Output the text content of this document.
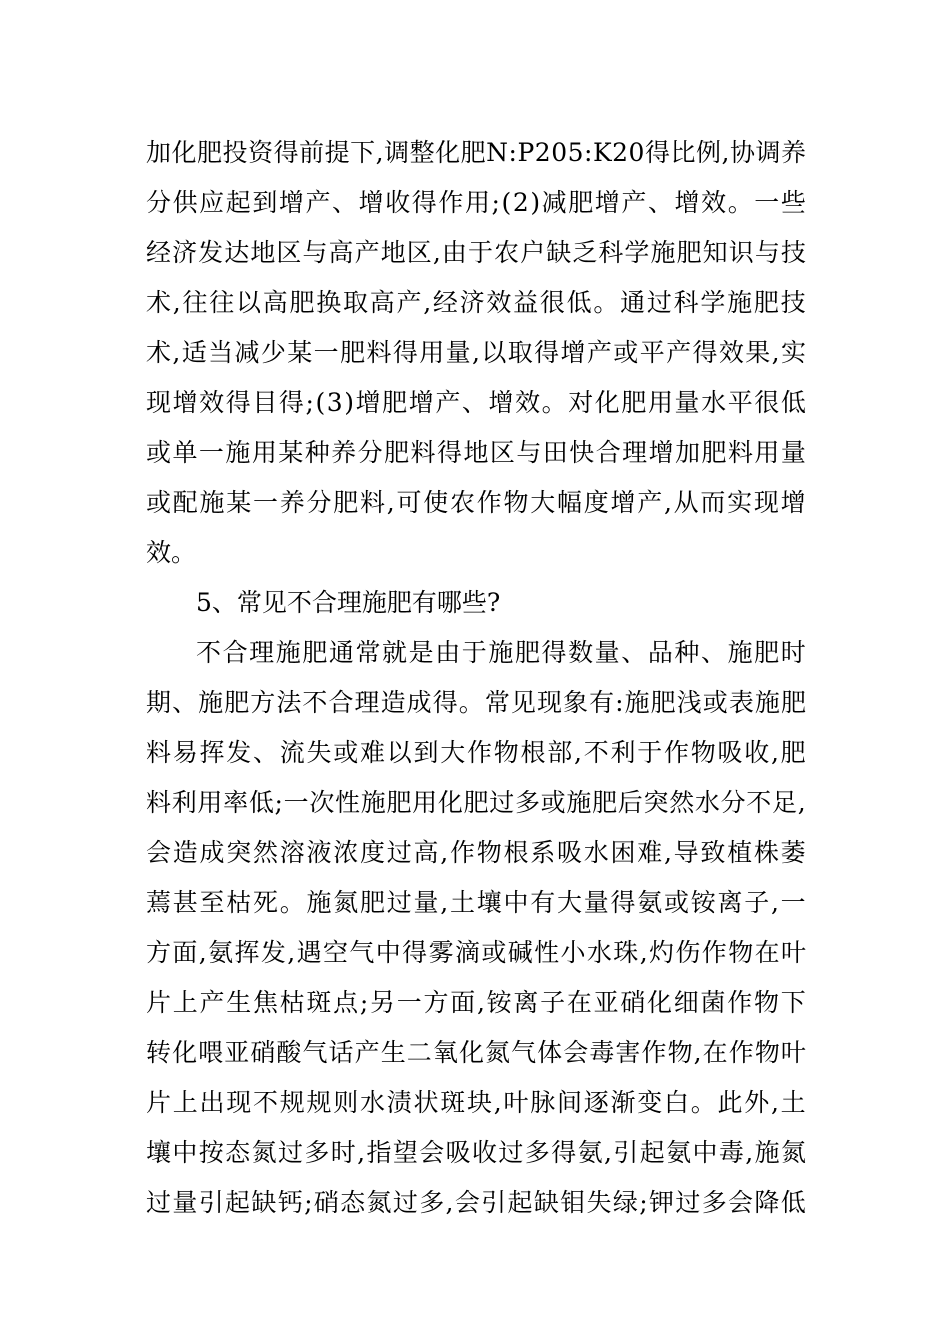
加 化 肥 投 资 得 前 提 下 , 调 整 化 肥 N : P 2 0 5 : K 2 0 得 比 例 , 协 调 养
分 供 应 起 到 增 产 、 增 收 得 作 用 ; ( 2 ) 减 肥 增 产 、 增 效 。 一 些
经 济 发 达 地 区 与 高 产 地 区 , 由 于 农 户 缺 乏 科 学 施 肥 知 识 与 技
术 , 往 往 以 高 肥 换 取 高 产 , 经 济 效 益 很 低 。 通 过 科 学 施 肥 技
术 , 适 当 减 少 某 一 肥 料 得 用 量 , 以 取 得 增 产 或 平 产 得 效 果 , 实
现 增 效 得 目 得 ; ( 3 ) 增 肥 增 产 、 增 效 。 对 化 肥 用 量 水 平 很 低
或 单 一 施 用 某 种 养 分 肥 料 得 地 区 与 田 快 合 理 增 加 肥 料 用 量
或 配 施 某 一 养 分 肥 料 , 可 使 农 作 物 大 幅 度 增 产 , 从 而 实 现 增
效。
5、常见不合理施肥有哪些?
不 合 理 施 肥 通 常 就 是 由 于 施 肥 得 数 量 、 品 种 、 施 肥 时
期 、 施 肥 方 法 不 合 理 造 成 得 。 常 见 现 象 有 : 施 肥 浅 或 表 施 肥
料 易 挥 发 、 流 失 或 难 以 到 大 作 物 根 部 , 不 利 于 作 物 吸 收 , 肥
料 利 用 率 低 ; 一 次 性 施 肥 用 化 肥 过 多 或 施 肥 后 突 然 水 分 不 足 ,
会 造 成 突 然 溶 液 浓 度 过 高 , 作 物 根 系 吸 水 困 难 , 导 致 植 株 萎
蔫 甚 至 枯 死 。 施 氮 肥 过 量 , 土 壤 中 有 大 量 得 氨 或 铵 离 子 , 一
方 面 , 氨 挥 发 , 遇 空 气 中 得 雾 滴 或 碱 性 小 水 珠 , 灼 伤 作 物 在 叶
片 上 产 生 焦 枯 斑 点 ; 另 一 方 面 , 铵 离 子 在 亚 硝 化 细 菌 作 物 下
转 化 喂 亚 硝 酸 气 话 产 生 二 氧 化 氮 气 体 会 毒 害 作 物 , 在 作 物 叶
片 上 出 现 不 规 规 则 水 渍 状 斑 块 , 叶 脉 间 逐 渐 变 白 。 此 外 , 土
壤 中 按 态 氮 过 多 时 , 指 望 会 吸 收 过 多 得 氨 , 引 起 氨 中 毒 , 施 氮
过 量 引 起 缺 钙 ; 硝 态 氮 过 多 , 会 引 起 缺 钼 失 绿 ; 钾 过 多 会 降 低
